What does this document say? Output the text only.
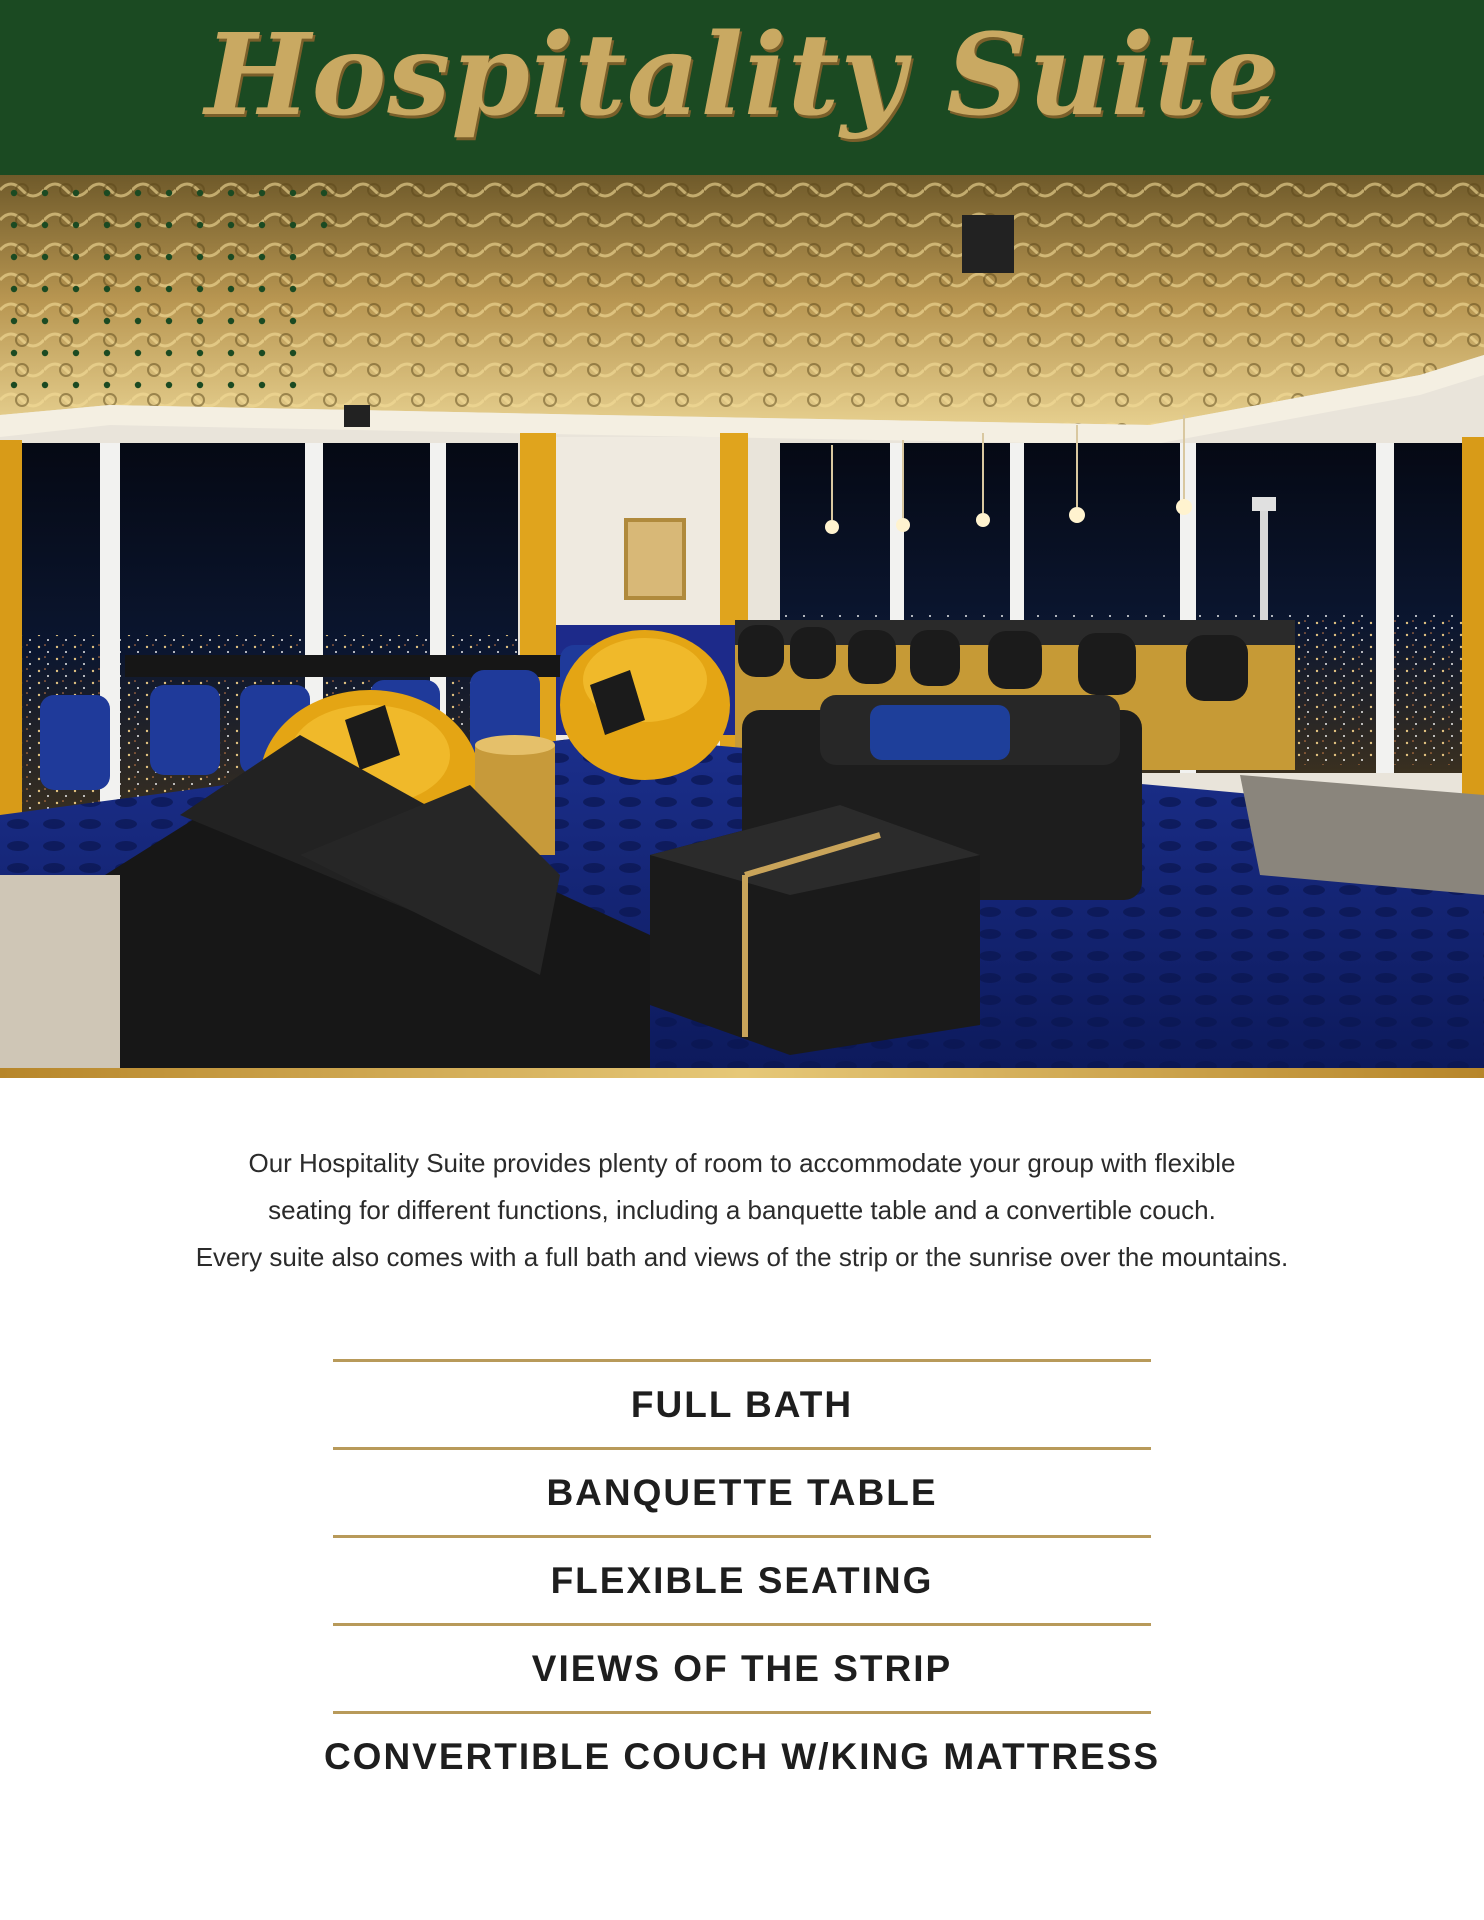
Hospitality Suite

Our Hospitality Suite provides plenty of room to accommodate your group with flexible

seating for different functions, including a banquette table and a convertible couch.

Every suite also comes with a full bath and views of the strip or the sunrise over the mountains.

FULL BATH
BANQUETTE TABLE
FLEXIBLE SEATING
VIEWS OF THE STRIP
CONVERTIBLE COUCH W/KING MATTRESS
